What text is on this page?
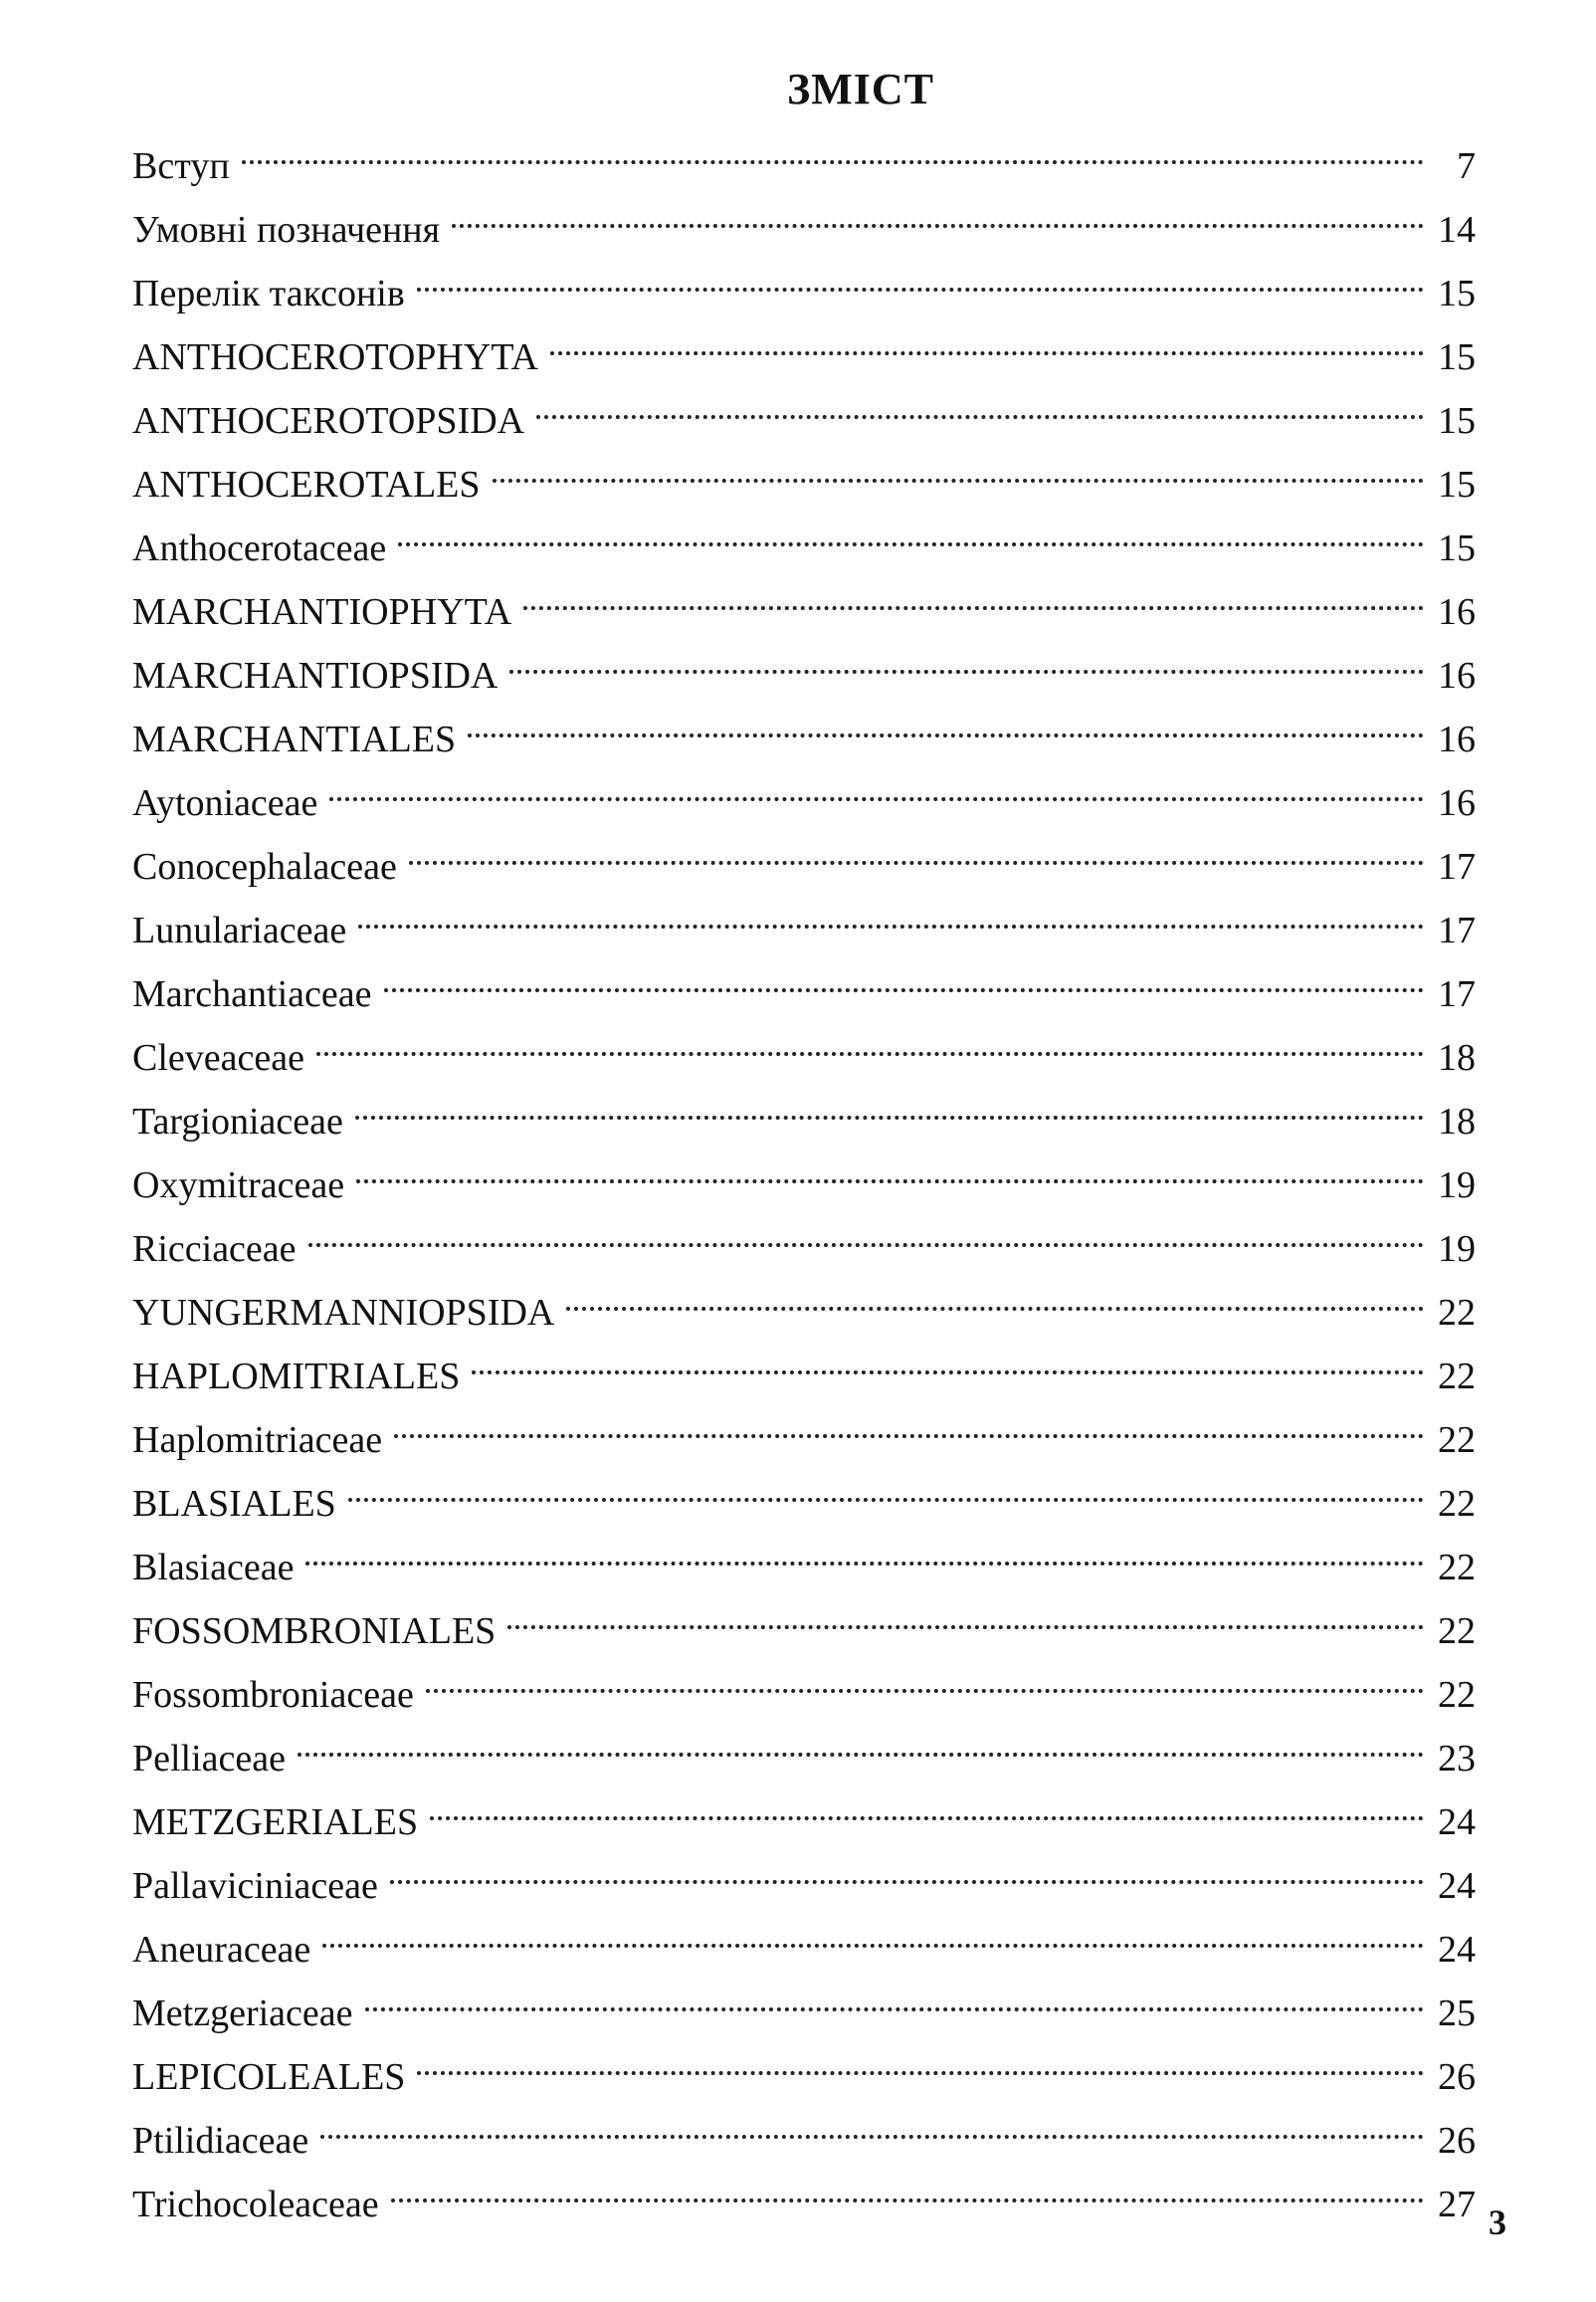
ЗМІСТ
Вступ	7
Умовні позначення	14
Перелік таксонів	15
ANTHOCEROTOPHYTA	15
ANTHOCEROTOPSIDA	15
ANTHOCEROTALES	15
Anthocerotaceae	15
MARCHANTIOPHYTA	16
MARCHANTIOPSIDA	16
MARCHANTIALES	16
Aytoniaceae	16
Conocephalaceae	17
Lunulariaceae	17
Marchantiaceae	17
Cleveaceae	18
Targioniaceae	18
Oxymitraceae	19
Ricciaceae	19
YUNGERMANNIOPSIDA	22
HAPLOMITRIALES	22
Haplomitriaceae	22
BLASIALES	22
Blasiaceae	22
FOSSOMBRONIALES	22
Fossombroniaceae	22
Pelliaceae	23
METZGERIALES	24
Pallaviciniaceae	24
Aneuraceae	24
Metzgeriaceae	25
LEPICOLEALES	26
Ptilidiaceae	26
Trichocoleaceae	27 3
